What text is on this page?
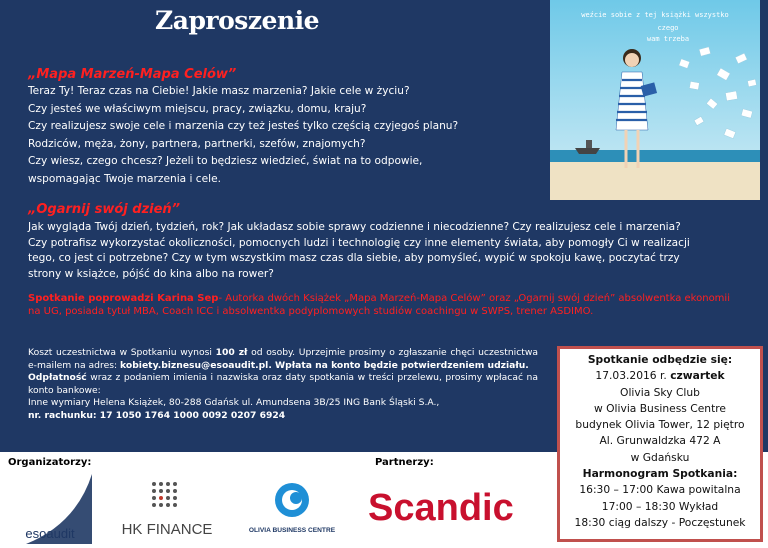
Zaproszenie
„Mapa Marzeń-Mapa Celów”

Teraz Ty! Teraz czas na Ciebie! Jakie masz marzenia? Jakie cele w życiu?

Czy jesteś we właściwym miejscu, pracy, związku, domu, kraju?

Czy realizujesz swoje cele i marzenia czy też jesteś tylko częścią czyjegoś planu?

Rodziców, męża, żony, partnera, partnerki, szefów, znajomych?

Czy wiesz, czego chcesz? Jeżeli to będziesz wiedzieć, świat na to odpowie,

wspomagając Twoje marzenia i cele.

„Ogarnij swój dzień”

Jak wygląda Twój dzień, tydzień, rok? Jak układasz sobie sprawy codzienne i niecodzienne? Czy realizujesz cele i marzenia?

Czy potrafisz wykorzystać okoliczności, pomocnych ludzi i technologię czy inne elementy świata, aby pomogły Ci w realizacji

tego, co jest ci potrzebne? Czy w tym wszystkim masz czas dla siebie, aby pomyśleć, wypić w spokoju kawę, poczytać trzy

strony w książce, pójść do kina albo na rower?

Spotkanie poprowadzi Karina Sep- Autorka dwóch Książek „Mapa Marzeń-Mapa Celów” oraz „Ogarnij swój dzień” absolwentka ekonomii na UG, posiada tytuł MBA, Coach ICC i absolwentka podyplomowych studiów coachingu w SWPS, trener ASDIMO.

Koszt uczestnictwa w Spotkaniu wynosi 100 zł od osoby. Uprzejmie prosimy o zgłaszanie chęci uczestnictwa e-mailem na adres: kobiety.biznesu@esoaudit.pl. Wpłata na konto będzie potwierdzeniem udziału.

Odpłatność wraz z podaniem imienia i nazwiska oraz daty spotkania w treści przelewu, prosimy wpłacać na konto bankowe:

Inne wymiary Helena Książek, 80-288 Gdańsk ul. Amundsena 3B/25 ING Bank Śląski S.A.,

nr. rachunku: 17 1050 1764 1000 0092 0207 6924

weźcie sobie z tej książki wszystko
czego
wam trzeba
Spotkanie odbędzie się:
17.03.2016 r. czwartek
Olivia Sky Club
w Olivia Business Centre
budynek Olivia Tower, 12 piętro
Al. Grunwaldzka 472 A
w Gdańsku
Harmonogram Spotkania:
16:30 – 17:00 Kawa powitalna
17:00 – 18:30 Wykład
18:30 ciąg dalszy - Poczęstunek
Organizatorzy:	Partnerzy:
esoaudit	HK FINANCE	OLIVIA BUSINESS CENTRE
Scandic
